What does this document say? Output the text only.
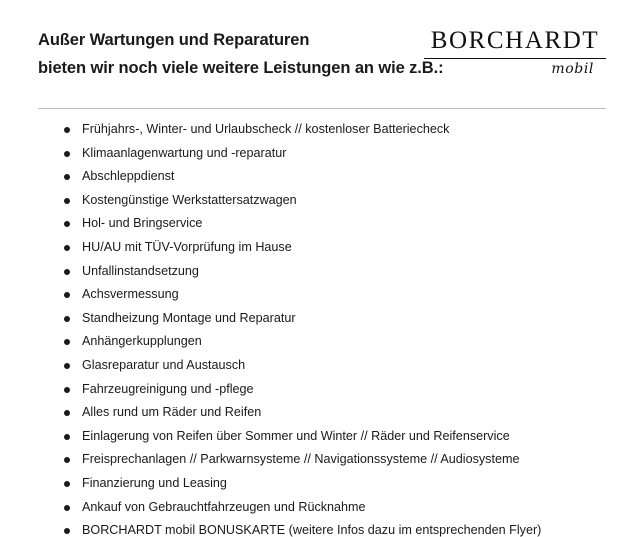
Außer Wartungen und Reparaturen
bieten wir noch viele weitere Leistungen an wie z.B.:
BORCHARDT
mobil
Frühjahrs-, Winter- und Urlaubscheck // kostenloser Batteriecheck
Klimaanlagenwartung und -reparatur
Abschleppdienst
Kostengünstige Werkstattersatzwagen
Hol- und Bringservice
HU/AU mit TÜV-Vorprüfung im Hause
Unfallinstandsetzung
Achsvermessung
Standheizung Montage und Reparatur
Anhängerkupplungen
Glasreparatur und Austausch
Fahrzeugreinigung und -pflege
Alles rund um Räder und Reifen
Einlagerung von Reifen über Sommer und Winter // Räder und Reifenservice
Freisprechanlagen // Parkwarnsysteme // Navigationssysteme // Audiosysteme
Finanzierung und Leasing
Ankauf von Gebrauchtfahrzeugen und Rücknahme
BORCHARDT mobil BONUSKARTE (weitere Infos dazu im entsprechenden Flyer)
